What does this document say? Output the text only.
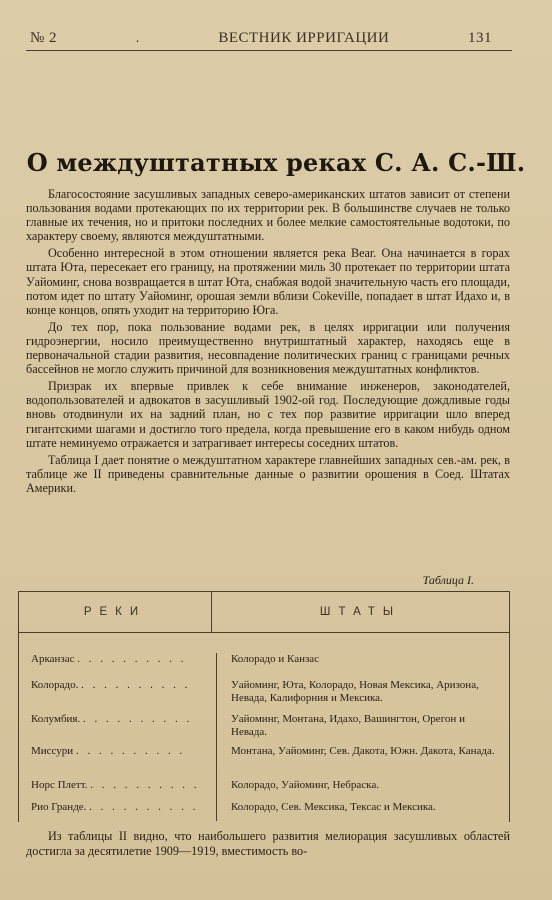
№ 2	.	ВЕСТНИК ИРРИГАЦИИ	131
О междуштатных реках С. А. С.-Ш.

Благосостояние засушливых западных северо-американских штатов зависит от степени пользования водами протекающих по их территории рек. В большинстве случаев не только главные их течения, но и притоки последних и более мелкие самостоятельные водотоки, по характеру своему, являются междуштатными.

Особенно интересной в этом отношении является река Bear. Она начинается в горах штата Юта, пересекает его границу, на протяжении миль 30 протекает по территории штата Уайоминг, снова возвращается в штат Юта, снабжая водой значительную часть его площади, потом идет по штату Уайоминг, орошая земли вблизи Cokeville, попадает в штат Идахо и, в конце концов, опять уходит на территорию Юга.

До тех пор, пока пользование водами рек, в целях ирригации или получения гидроэнергии, носило преимущественно внутриштатный характер, находясь еще в первоначальной стадии развития, несовпадение политических границ с границами речных бассейнов не могло служить причиной для возникновения междуштатных конфликтов.

Призрак их впервые привлек к себе внимание инженеров, законодателей, водопользователей и адвокатов в засушливый 1902-ой год. Последующие дождливые годы вновь отодвинули их на задний план, но с тех пор развитие ирригации шло вперед гигантскими шагами и достигло того предела, когда превышение его в каком нибудь одном штате неминуемо отражается и затрагивает интересы соседних штатов.

Таблица I дает понятие о междуштатном характере главнейших западных сев.-ам. рек, в таблице же II приведены сравнительные данные о развитии орошения в Соед. Штатах Америки.

Таблица I.
РЕКИ	ШТАТЫ
Арканзас . . . . . . . . . .	Колорадо и Канзас
Колорадо. . . . . . . . . . .	Уайоминг, Юта, Колорадо, Новая Мексика, Аризона, Невада, Калифорния и Мексика.
Колумбия. . . . . . . . . . .	Уайоминг, Монтана, Идахо, Вашингтон, Орегон и Невада.
Миссури . . . . . . . . . .	Монтана, Уайоминг, Сев. Дакота, Южн. Дакота, Канада.
Норс Плетт. . . . . . . . . . .	Колорадо, Уайоминг, Небраска.
Рио Гранде. . . . . . . . . . .	Колорадо, Сев. Мексика, Тексас и Мексика.
Из таблицы II видно, что наибольшего развития мелиорация засушливых областей достигла за десятилетие 1909—1919, вместимость во-
